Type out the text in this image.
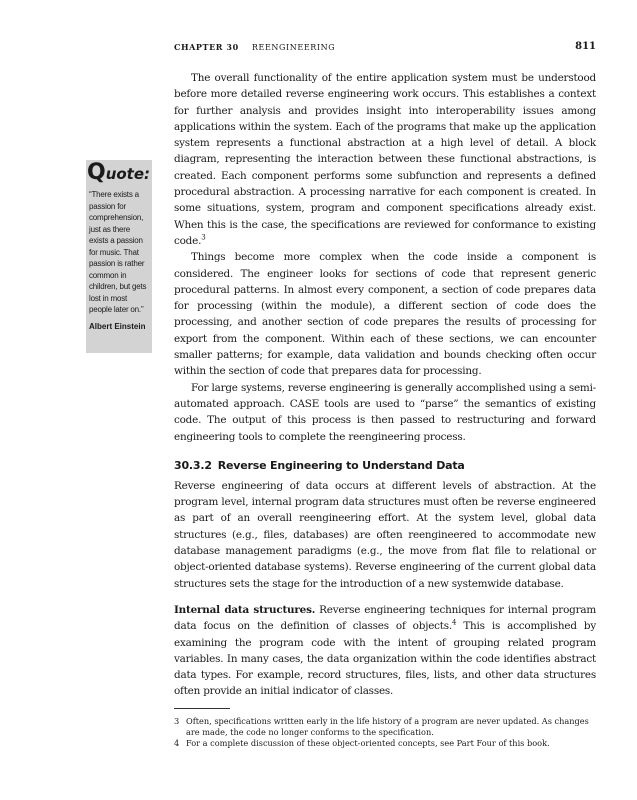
CHAPTER 30 REENGINEERING	811
Quote:
“There exists a passion for comprehension, just as there exists a passion for music. That passion is rather common in children, but gets lost in most people later on.”
Albert Einstein

The overall functionality of the entire application system must be understood before more detailed reverse engineering work occurs. This establishes a context for further analysis and provides insight into interoperability issues among applications within the system. Each of the programs that make up the application system represents a functional abstraction at a high level of detail. A block diagram, representing the interaction between these functional abstractions, is created. Each component performs some subfunction and represents a defined procedural abstraction. A processing narrative for each component is created. In some situations, system, program and component specifications already exist. When this is the case, the specifications are reviewed for conformance to existing code.$^3$

Things become more complex when the code inside a component is considered. The engineer looks for sections of code that represent generic procedural patterns. In almost every component, a section of code prepares data for processing (within the module), a different section of code does the processing, and another section of code prepares the results of processing for export from the component. Within each of these sections, we can encounter smaller patterns; for example, data validation and bounds checking often occur within the section of code that prepares data for processing.

For large systems, reverse engineering is generally accomplished using a semi-automated approach. CASE tools are used to “parse” the semantics of existing code. The output of this process is then passed to restructuring and forward engineering tools to complete the reengineering process.

30.3.2 Reverse Engineering to Understand Data

Reverse engineering of data occurs at different levels of abstraction. At the program level, internal program data structures must often be reverse engineered as part of an overall reengineering effort. At the system level, global data structures (e.g., files, databases) are often reengineered to accommodate new database management paradigms (e.g., the move from flat file to relational or object-oriented database systems). Reverse engineering of the current global data structures sets the stage for the introduction of a new systemwide database.

Internal data structures. Reverse engineering techniques for internal program data focus on the definition of classes of objects.$^4$ This is accomplished by examining the program code with the intent of grouping related program variables. In many cases, the data organization within the code identifies abstract data types. For example, record structures, files, lists, and other data structures often provide an initial indicator of classes.

3 Often, specifications written early in the life history of a program are never updated. As changes are made, the code no longer conforms to the specification.
4 For a complete discussion of these object-oriented concepts, see Part Four of this book.
